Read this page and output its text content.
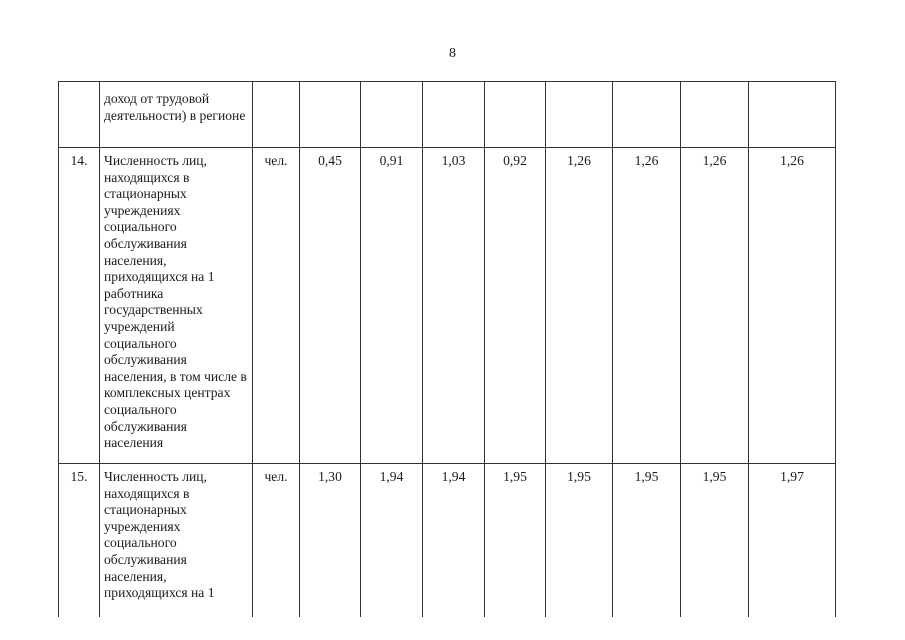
8
	доход от трудовой деятельности) в регионе									
14.	Численность лиц, находящихся в стационарных учреждениях социального обслуживания населения, приходящихся на 1 работника государственных учреждений социального обслуживания населения, в том числе в комплексных центрах социального обслуживания населения	чел.	0,45	0,91	1,03	0,92	1,26	1,26	1,26	1,26
15.	Численность лиц, находящихся в стационарных учреждениях социального обслуживания населения, приходящихся на 1	чел.	1,30	1,94	1,94	1,95	1,95	1,95	1,95	1,97
